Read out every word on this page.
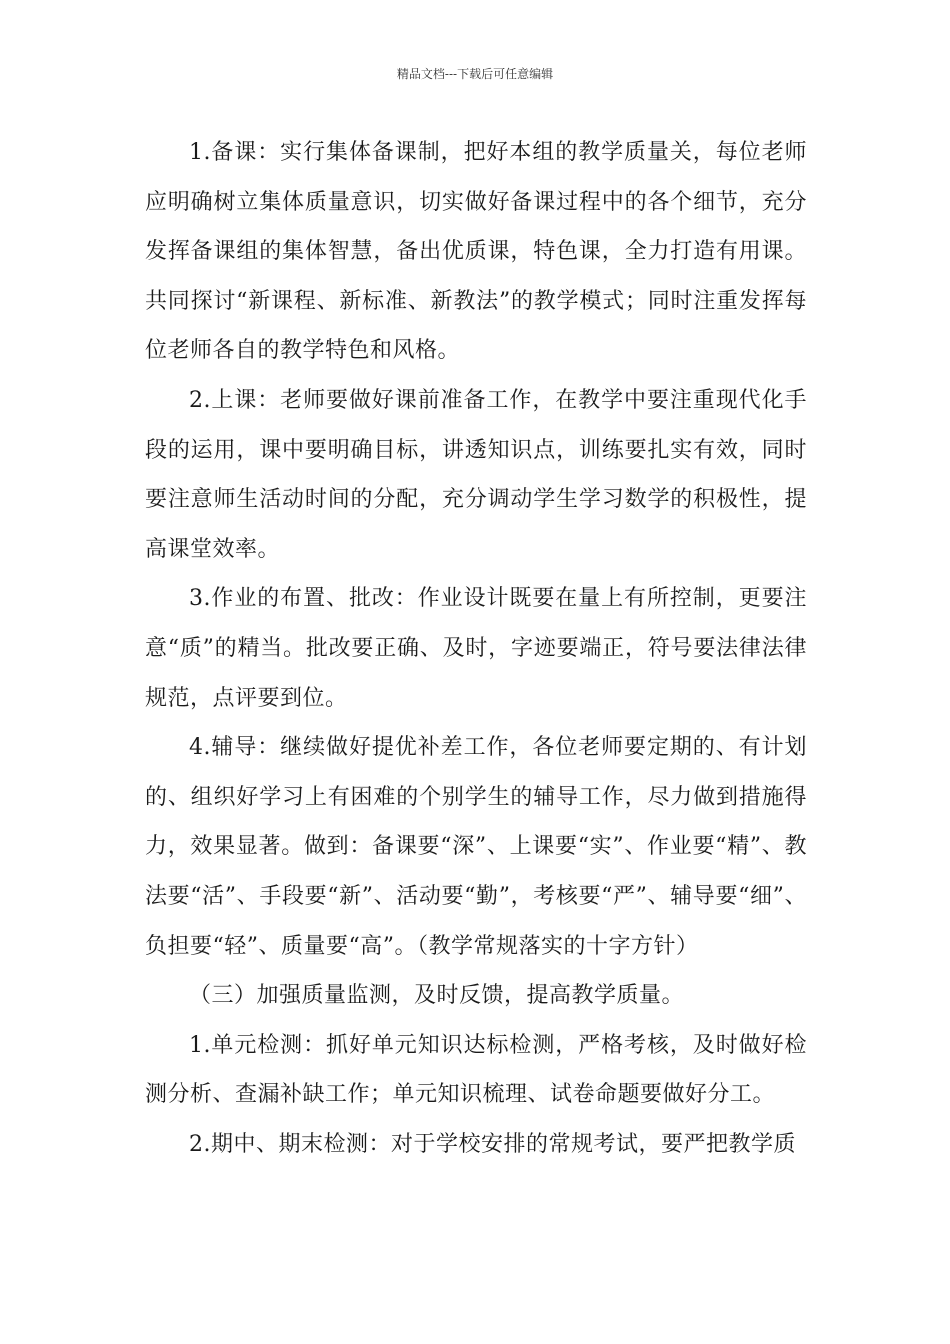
精品文档---下载后可任意编辑

1.备课：实行集体备课制，把好本组的教学质量关，每位老师应明确树立集体质量意识，切实做好备课过程中的各个细节，充分发挥备课组的集体智慧，备出优质课，特色课，全力打造有用课。共同探讨“新课程、新标准、新教法”的教学模式；同时注重发挥每位老师各自的教学特色和风格。

2.上课：老师要做好课前准备工作，在教学中要注重现代化手段的运用，课中要明确目标，讲透知识点，训练要扎实有效，同时要注意师生活动时间的分配，充分调动学生学习数学的积极性，提高课堂效率。

3.作业的布置、批改：作业设计既要在量上有所控制，更要注意“质”的精当。批改要正确、及时，字迹要端正，符号要法律法律规范，点评要到位。

4.辅导：继续做好提优补差工作，各位老师要定期的、有计划的、组织好学习上有困难的个别学生的辅导工作，尽力做到措施得力，效果显著。做到：备课要“深”、上课要“实”、作业要“精”、教法要“活”、手段要“新”、活动要“勤”，考核要“严”、辅导要“细”、负担要“轻”、质量要“高”。（教学常规落实的十字方针）

（三）加强质量监测，及时反馈，提高教学质量。

1.单元检测：抓好单元知识达标检测，严格考核，及时做好检测分析、查漏补缺工作；单元知识梳理、试卷命题要做好分工。

2.期中、期末检测：对于学校安排的常规考试，要严把教学质
